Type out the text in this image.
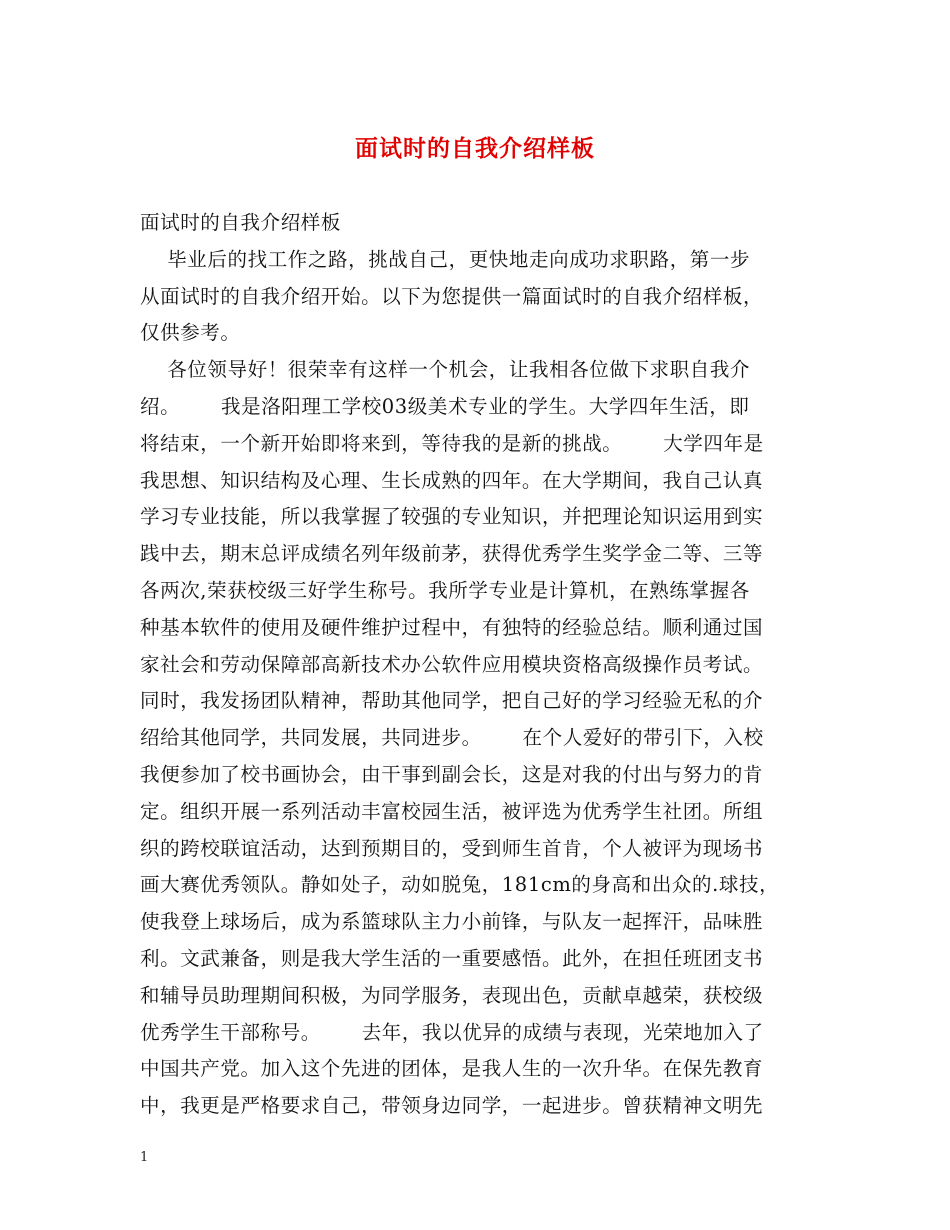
面试时的自我介绍样板
面试时的自我介绍样板
毕业后的找工作之路，挑战自己，更快地走向成功求职路，第一步
从面试时的自我介绍开始。以下为您提供一篇面试时的自我介绍样板，
仅供参考。
各位领导好！很荣幸有这样一个机会，让我相各位做下求职自我介
绍。      我是洛阳理工学校03级美术专业的学生。大学四年生活，即
将结束，一个新开始即将来到，等待我的是新的挑战。      大学四年是
我思想、知识结构及心理、生长成熟的四年。在大学期间，我自己认真
学习专业技能，所以我掌握了较强的专业知识，并把理论知识运用到实
践中去，期末总评成绩名列年级前茅，获得优秀学生奖学金二等、三等
各两次,荣获校级三好学生称号。我所学专业是计算机，在熟练掌握各
种基本软件的使用及硬件维护过程中，有独特的经验总结。顺利通过国
家社会和劳动保障部高新技术办公软件应用模块资格高级操作员考试。
同时，我发扬团队精神，帮助其他同学，把自己好的学习经验无私的介
绍给其他同学，共同发展，共同进步。      在个人爱好的带引下，入校
我便参加了校书画协会，由干事到副会长，这是对我的付出与努力的肯
定。组织开展一系列活动丰富校园生活，被评选为优秀学生社团。所组
织的跨校联谊活动，达到预期目的，受到师生首肯，个人被评为现场书
画大赛优秀领队。静如处子，动如脱兔，181cm的身高和出众的.球技，
使我登上球场后，成为系篮球队主力小前锋，与队友一起挥汗，品味胜
利。文武兼备，则是我大学生活的一重要感悟。此外，在担任班团支书
和辅导员助理期间积极，为同学服务，表现出色，贡献卓越荣，获校级
优秀学生干部称号。      去年，我以优异的成绩与表现，光荣地加入了
中国共产党。加入这个先进的团体，是我人生的一次升华。在保先教育
中，我更是严格要求自己，带领身边同学，一起进步。曾获精神文明先
1
